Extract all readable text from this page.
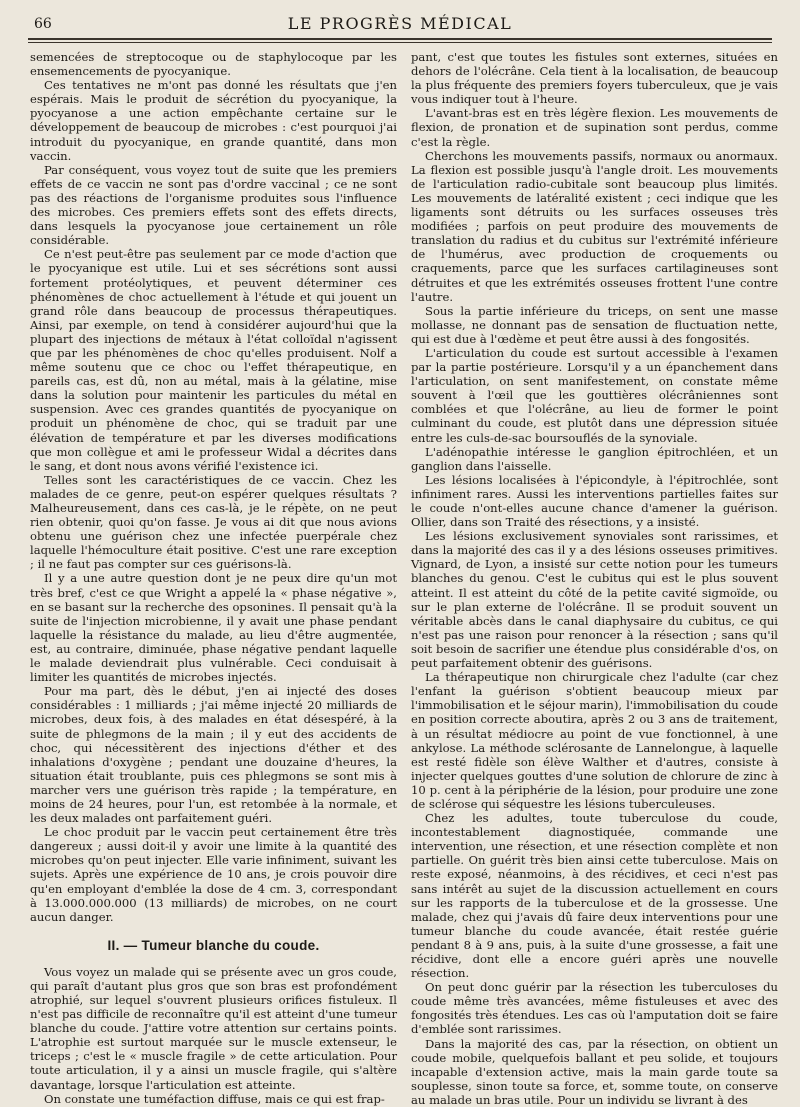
66	LE PROGRÈS MÉDICAL

semencées de streptocoque ou de staphylocoque par les ensemencements de pyocyanique.

Ces tentatives ne m'ont pas donné les résultats que j'en espérais. Mais le produit de sécrétion du pyocyanique, la pyocyanose a une action empêchante certaine sur le développement de beaucoup de microbes : c'est pourquoi j'ai introduit du pyocyanique, en grande quantité, dans mon vaccin.

Par conséquent, vous voyez tout de suite que les premiers effets de ce vaccin ne sont pas d'ordre vaccinal ; ce ne sont pas des réactions de l'organisme produites sous l'influence des microbes. Ces premiers effets sont des effets directs, dans lesquels la pyocyanose joue certainement un rôle considérable.

Ce n'est peut-être pas seulement par ce mode d'action que le pyocyanique est utile. Lui et ses sécrétions sont aussi fortement protéolytiques, et peuvent déterminer ces phénomènes de choc actuellement à l'étude et qui jouent un grand rôle dans beaucoup de processus thérapeutiques. Ainsi, par exemple, on tend à considérer aujourd'hui que la plupart des injections de métaux à l'état colloïdal n'agissent que par les phénomènes de choc qu'elles produisent. Nolf a même soutenu que ce choc ou l'effet thérapeutique, en pareils cas, est dû, non au métal, mais à la gélatine, mise dans la solution pour maintenir les particules du métal en suspension. Avec ces grandes quantités de pyocyanique on produit un phénomène de choc, qui se traduit par une élévation de température et par les diverses modifications que mon collègue et ami le professeur Widal a décrites dans le sang, et dont nous avons vérifié l'existence ici.

Telles sont les caractéristiques de ce vaccin. Chez les malades de ce genre, peut-on espérer quelques résultats ? Malheureusement, dans ces cas-là, je le répète, on ne peut rien obtenir, quoi qu'on fasse. Je vous ai dit que nous avions obtenu une guérison chez une infectée puerpérale chez laquelle l'hémoculture était positive. C'est une rare exception ; il ne faut pas compter sur ces guérisons-là.

Il y a une autre question dont je ne peux dire qu'un mot très bref, c'est ce que Wright a appelé la « phase négative », en se basant sur la recherche des opsonines. Il pensait qu'à la suite de l'injection microbienne, il y avait une phase pendant laquelle la résistance du malade, au lieu d'être augmentée, est, au contraire, diminuée, phase négative pendant laquelle le malade deviendrait plus vulnérable. Ceci conduisait à limiter les quantités de microbes injectés.

Pour ma part, dès le début, j'en ai injecté des doses considérables : 1 milliards ; j'ai même injecté 20 milliards de microbes, deux fois, à des malades en état désespéré, à la suite de phlegmons de la main ; il y eut des accidents de choc, qui nécessitèrent des injections d'éther et des inhalations d'oxygène ; pendant une douzaine d'heures, la situation était troublante, puis ces phlegmons se sont mis à marcher vers une guérison très rapide ; la température, en moins de 24 heures, pour l'un, est retombée à la normale, et les deux malades ont parfaitement guéri.

Le choc produit par le vaccin peut certainement être très dangereux ; aussi doit-il y avoir une limite à la quantité des microbes qu'on peut injecter. Elle varie infiniment, suivant les sujets. Après une expérience de 10 ans, je crois pouvoir dire qu'en employant d'emblée la dose de 4 cm. 3, correspondant à 13.000.000.000 (13 milliards) de microbes, on ne court aucun danger.

II. — Tumeur blanche du coude.

Vous voyez un malade qui se présente avec un gros coude, qui paraît d'autant plus gros que son bras est profondément atrophié, sur lequel s'ouvrent plusieurs orifices fistuleux. Il n'est pas difficile de reconnaître qu'il est atteint d'une tumeur blanche du coude. J'attire votre attention sur certains points. L'atrophie est surtout marquée sur le muscle extenseur, le triceps ; c'est le « muscle fragile » de cette articulation. Pour toute articulation, il y a ainsi un muscle fragile, qui s'altère davantage, lorsque l'articulation est atteinte.

On constate une tuméfaction diffuse, mais ce qui est frap-

pant, c'est que toutes les fistules sont externes, situées en dehors de l'olécrâne. Cela tient à la localisation, de beaucoup la plus fréquente des premiers foyers tuberculeux, que je vais vous indiquer tout à l'heure.

L'avant-bras est en très légère flexion. Les mouvements de flexion, de pronation et de supination sont perdus, comme c'est la règle.

Cherchons les mouvements passifs, normaux ou anormaux. La flexion est possible jusqu'à l'angle droit. Les mouvements de l'articulation radio-cubitale sont beaucoup plus limités. Les mouvements de latéralité existent ; ceci indique que les ligaments sont détruits ou les surfaces osseuses très modifiées ; parfois on peut produire des mouvements de translation du radius et du cubitus sur l'extrémité inférieure de l'humérus, avec production de croquements ou craquements, parce que les surfaces cartilagineuses sont détruites et que les extrémités osseuses frottent l'une contre l'autre.

Sous la partie inférieure du triceps, on sent une masse mollasse, ne donnant pas de sensation de fluctuation nette, qui est due à l'œdème et peut être aussi à des fongosités.

L'articulation du coude est surtout accessible à l'examen par la partie postérieure. Lorsqu'il y a un épanchement dans l'articulation, on sent manifestement, on constate même souvent à l'œil que les gouttières olécrâniennes sont comblées et que l'olécrâne, au lieu de former le point culminant du coude, est plutôt dans une dépression située entre les culs-de-sac boursouflés de la synoviale.

L'adénopathie intéresse le ganglion épitrochléen, et un ganglion dans l'aisselle.

Les lésions localisées à l'épicondyle, à l'épitrochlée, sont infiniment rares. Aussi les interventions partielles faites sur le coude n'ont-elles aucune chance d'amener la guérison. Ollier, dans son Traité des résections, y a insisté.

Les lésions exclusivement synoviales sont rarissimes, et dans la majorité des cas il y a des lésions osseuses primitives. Vignard, de Lyon, a insisté sur cette notion pour les tumeurs blanches du genou. C'est le cubitus qui est le plus souvent atteint. Il est atteint du côté de la petite cavité sigmoïde, ou sur le plan externe de l'olécrâne. Il se produit souvent un véritable abcès dans le canal diaphysaire du cubitus, ce qui n'est pas une raison pour renoncer à la résection ; sans qu'il soit besoin de sacrifier une étendue plus considérable d'os, on peut parfaitement obtenir des guérisons.

La thérapeutique non chirurgicale chez l'adulte (car chez l'enfant la guérison s'obtient beaucoup mieux par l'immobilisation et le séjour marin), l'immobilisation du coude en position correcte aboutira, après 2 ou 3 ans de traitement, à un résultat médiocre au point de vue fonctionnel, à une ankylose. La méthode sclérosante de Lannelongue, à laquelle est resté fidèle son élève Walther et d'autres, consiste à injecter quelques gouttes d'une solution de chlorure de zinc à 10 p. cent à la périphérie de la lésion, pour produire une zone de sclérose qui séquestre les lésions tuberculeuses.

Chez les adultes, toute tuberculose du coude, incontestablement diagnostiquée, commande une intervention, une résection, et une résection complète et non partielle. On guérit très bien ainsi cette tuberculose. Mais on reste exposé, néanmoins, à des récidives, et ceci n'est pas sans intérêt au sujet de la discussion actuellement en cours sur les rapports de la tuberculose et de la grossesse. Une malade, chez qui j'avais dû faire deux interventions pour une tumeur blanche du coude avancée, était restée guérie pendant 8 à 9 ans, puis, à la suite d'une grossesse, a fait une récidive, dont elle a encore guéri après une nouvelle résection.

On peut donc guérir par la résection les tuberculoses du coude même très avancées, même fistuleuses et avec des fongosités très étendues. Les cas où l'amputation doit se faire d'emblée sont rarissimes.

Dans la majorité des cas, par la résection, on obtient un coude mobile, quelquefois ballant et peu solide, et toujours incapable d'extension active, mais la main garde toute sa souplesse, sinon toute sa force, et, somme toute, on conserve au malade un bras utile. Pour un individu se livrant à des
